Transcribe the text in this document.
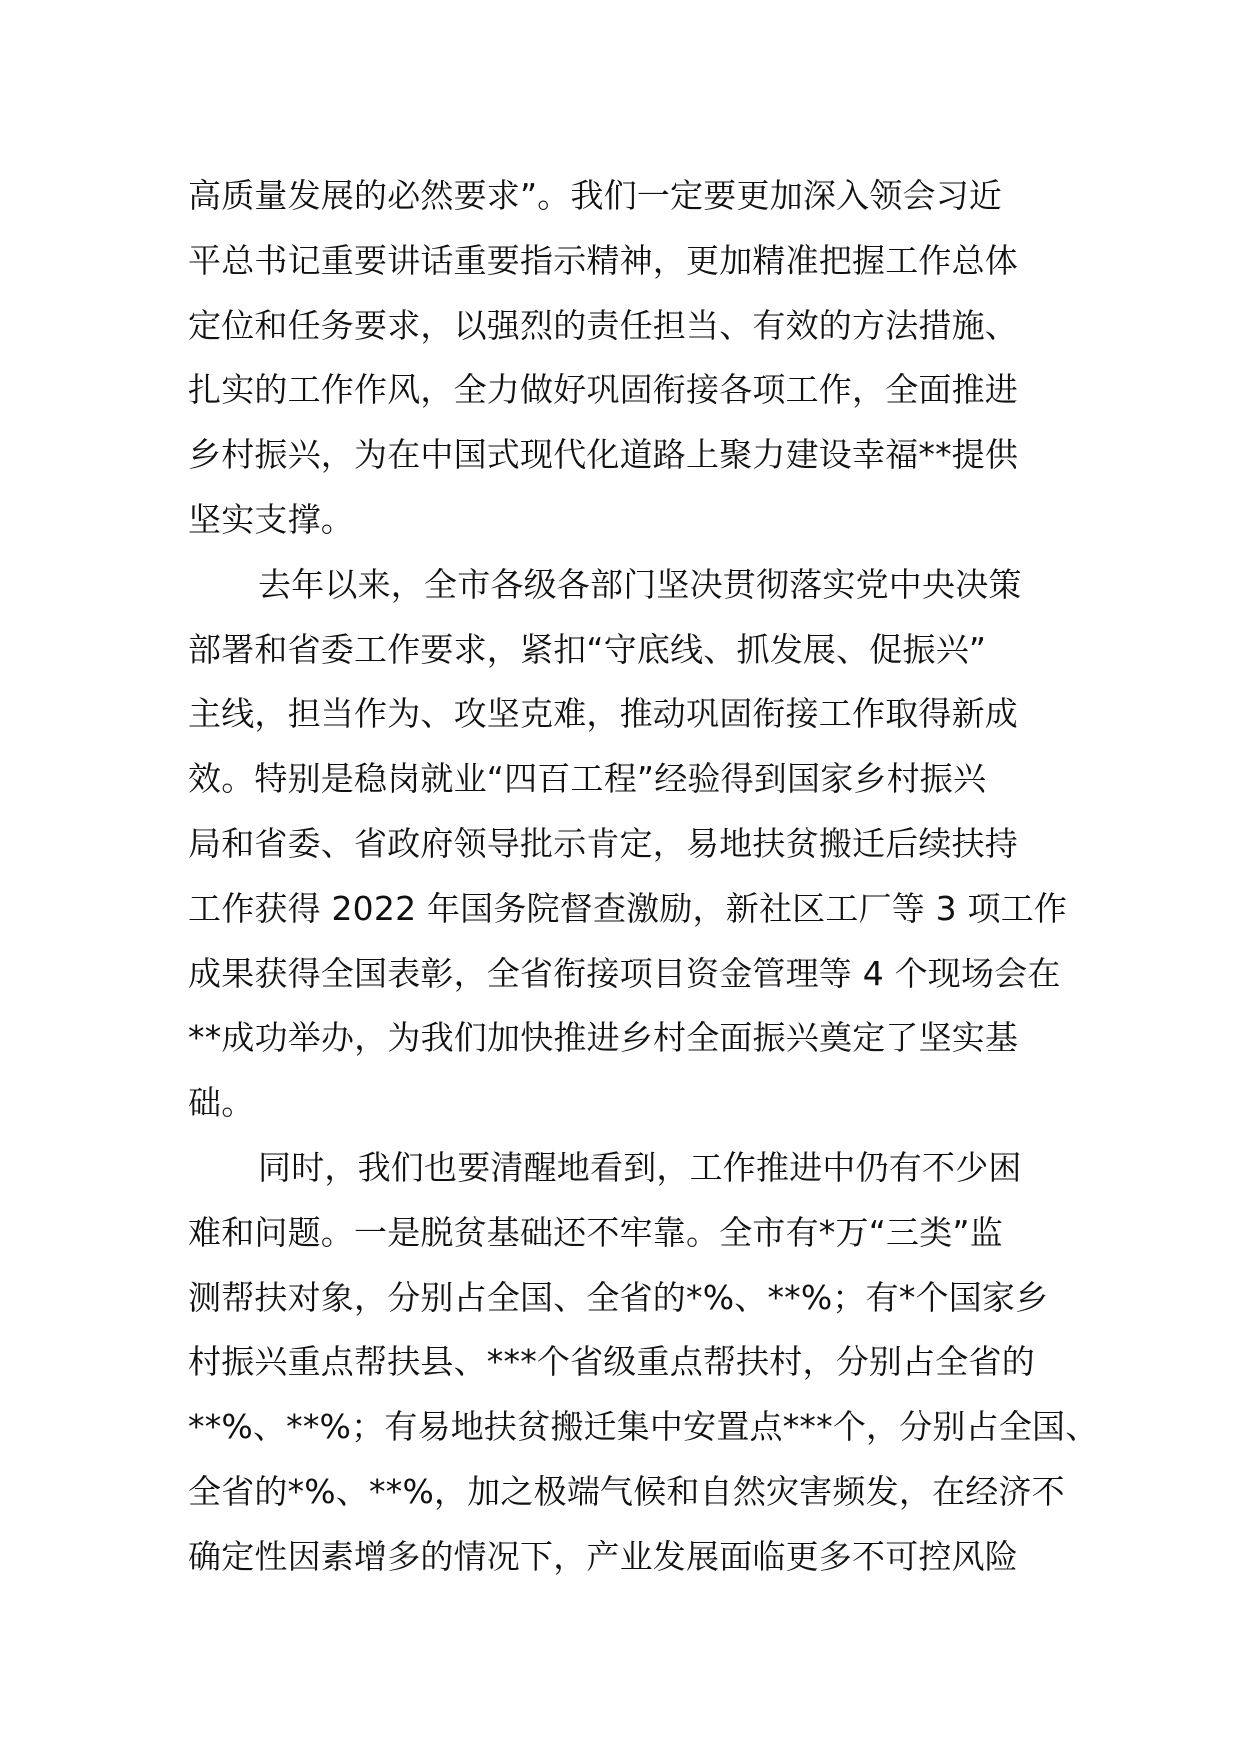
高质量发展的必然要求”。我们一定要更加深入领会习近
平总书记重要讲话重要指示精神，更加精准把握工作总体
定位和任务要求，以强烈的责任担当、有效的方法措施、
扎实的工作作风，全力做好巩固衔接各项工作，全面推进
乡村振兴，为在中国式现代化道路上聚力建设幸福**提供
坚实支撑。
去年以来，全市各级各部门坚决贯彻落实党中央决策
部署和省委工作要求，紧扣“守底线、抓发展、促振兴”
主线，担当作为、攻坚克难，推动巩固衔接工作取得新成
效。特别是稳岗就业“四百工程”经验得到国家乡村振兴
局和省委、省政府领导批示肯定，易地扶贫搬迁后续扶持
工作获得 2022 年国务院督查激励，新社区工厂等 3 项工作
成果获得全国表彰，全省衔接项目资金管理等 4 个现场会在
**成功举办，为我们加快推进乡村全面振兴奠定了坚实基
础。
同时，我们也要清醒地看到，工作推进中仍有不少困
难和问题。一是脱贫基础还不牢靠。全市有*万“三类”监
测帮扶对象，分别占全国、全省的*%、**%；有*个国家乡
村振兴重点帮扶县、***个省级重点帮扶村，分别占全省的
**%、**%；有易地扶贫搬迁集中安置点***个，分别占全国、
全省的*%、**%，加之极端气候和自然灾害频发，在经济不
确定性因素增多的情况下，产业发展面临更多不可控风险
